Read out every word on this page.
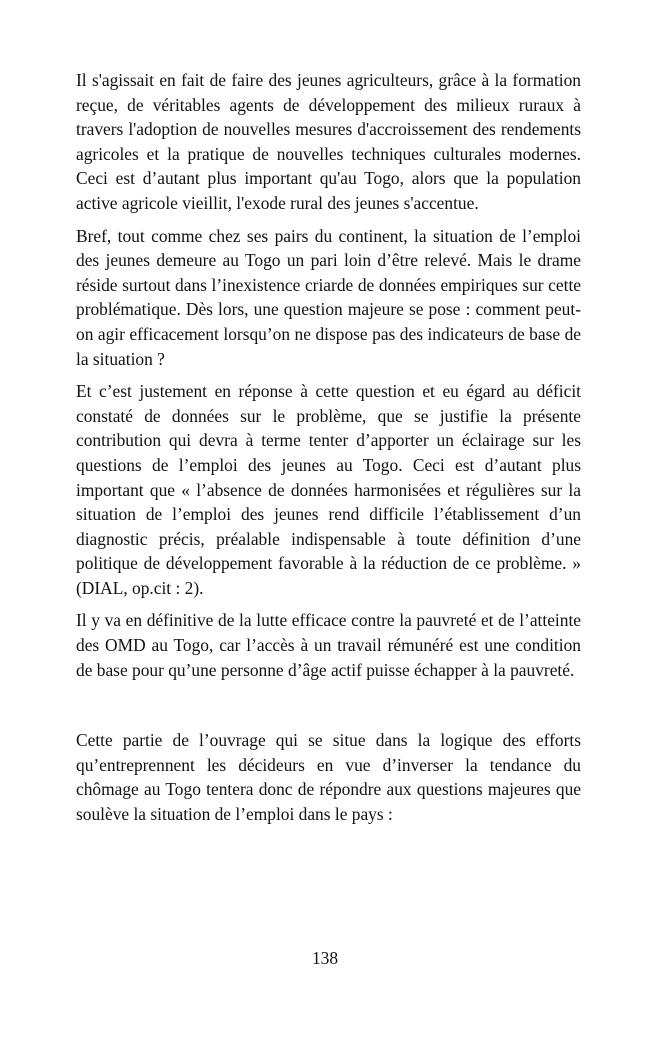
Il s'agissait en fait de faire des jeunes agriculteurs, grâce à la formation reçue, de véritables agents de développement des milieux ruraux à travers l'adoption de nouvelles mesures d'accroissement des rendements agricoles et la pratique de nouvelles techniques culturales modernes. Ceci est d’autant plus important qu'au Togo, alors que la population active agricole vieillit, l'exode rural des jeunes s'accentue.

Bref, tout comme chez ses pairs du continent, la situation de l’emploi des jeunes demeure au Togo un pari loin d’être relevé. Mais le drame réside surtout dans l’inexistence criarde de données empiriques sur cette problématique. Dès lors, une question majeure se pose : comment peut-on agir efficacement lorsqu’on ne dispose pas des indicateurs de base de la situation ?

Et c’est justement en réponse à cette question et eu égard au déficit constaté de données sur le problème, que se justifie la présente contribution qui devra à terme tenter d’apporter un éclairage sur les questions de l’emploi des jeunes au Togo. Ceci est d’autant plus important que « l’absence de données harmonisées et régulières sur la situation de l’emploi des jeunes rend difficile l’établissement d’un diagnostic précis, préalable indispensable à toute définition d’une politique de développement favorable à la réduction de ce problème. » (DIAL, op.cit : 2).

Il y va en définitive de la lutte efficace contre la pauvreté et de l’atteinte des OMD au Togo, car l’accès à un travail rémunéré est une condition de base pour qu’une personne d’âge actif puisse échapper à la pauvreté.

Cette partie de l’ouvrage qui se situe dans la logique des efforts qu’entreprennent les décideurs en vue d’inverser la tendance du chômage au Togo tentera donc de répondre aux questions majeures que soulève la situation de l’emploi dans le pays :

138
